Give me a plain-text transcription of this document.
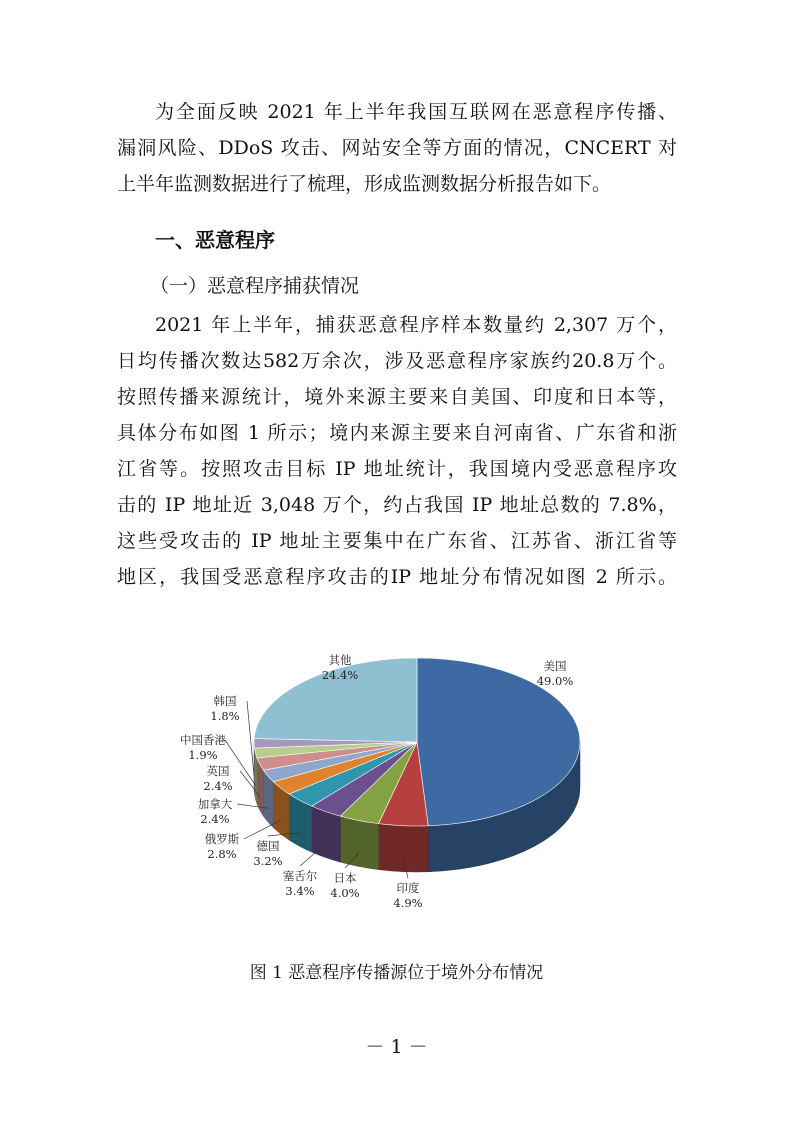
为全面反映 2021 年上半年我国互联网在恶意程序传播、
漏洞风险、DDoS 攻击、网站安全等方面的情况，CNCERT 对
上半年监测数据进行了梳理，形成监测数据分析报告如下。
一、恶意程序
（一）恶意程序捕获情况
2021 年上半年，捕获恶意程序样本数量约 2,307 万个，
日均传播次数达582万余次，涉及恶意程序家族约20.8万个。
按照传播来源统计，境外来源主要来自美国、印度和日本等，
具体分布如图 1 所示；境内来源主要来自河南省、广东省和浙
江省等。按照攻击目标 IP 地址统计，我国境内受恶意程序攻
击的 IP 地址近 3,048 万个，约占我国 IP 地址总数的 7.8%，
这些受攻击的 IP 地址主要集中在广东省、江苏省、浙江省等
地区，我国受恶意程序攻击的IP 地址分布情况如图 2 所示。
美国 49.0%
印度 4.9%
日本 4.0%
塞舌尔 3.4%
德国 3.2%
俄罗斯 2.8%
加拿大 2.4%
英国 2.4%
中国香港 1.9%
韩国 1.8%
其他 24.4%
图 1 恶意程序传播源位于境外分布情况
－ 1 －
